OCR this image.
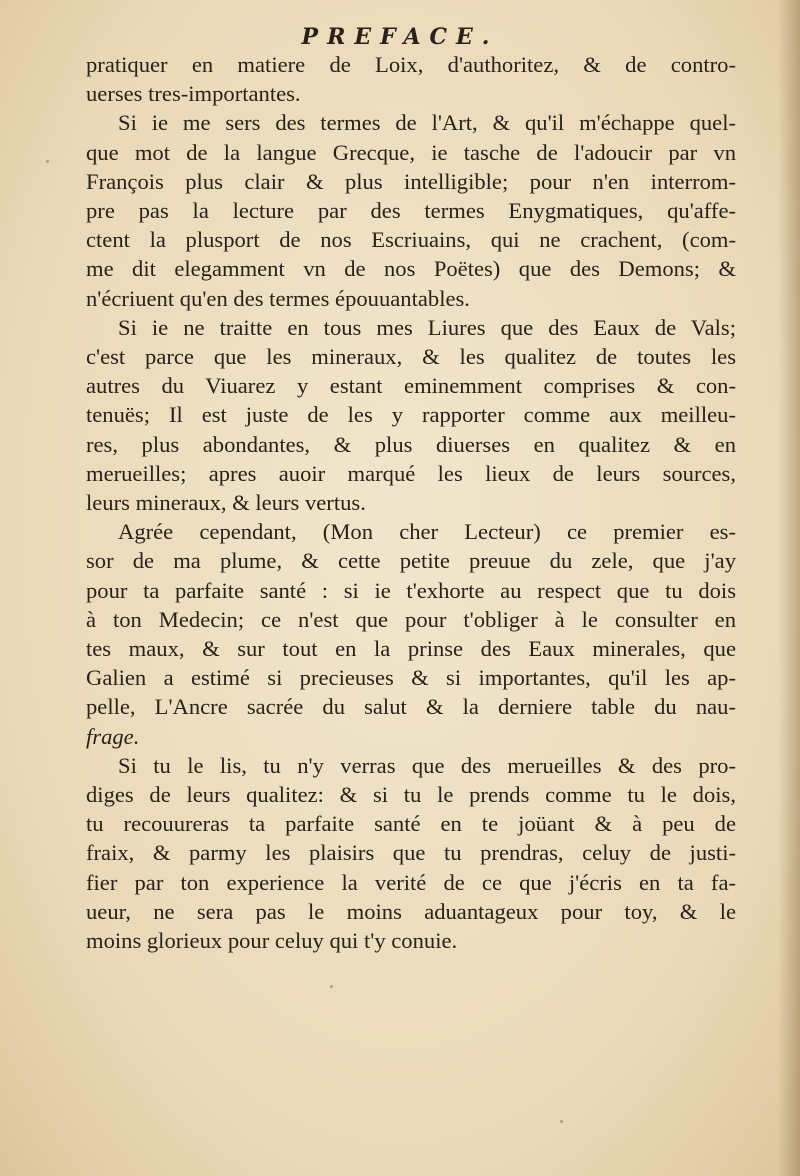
PREFACE.
pratiquer en matiere de Loix, d'authoritez, & de contro-
uerses tres-importantes.
Si ie me sers des termes de l'Art, & qu'il m'échappe quel-
que mot de la langue Grecque, ie tasche de l'adoucir par vn
François plus clair & plus intelligible; pour n'en interrom-
pre pas la lecture par des termes Enygmatiques, qu'affe-
ctent la plusport de nos Escriuains, qui ne crachent, (com-
me dit elegamment vn de nos Poëtes) que des Demons; &
n'écriuent qu'en des termes épouuantables.
Si ie ne traitte en tous mes Liures que des Eaux de Vals;
c'est parce que les mineraux, & les qualitez de toutes les
autres du Viuarez y estant eminemment comprises & con-
tenuës; Il est juste de les y rapporter comme aux meilleu-
res, plus abondantes, & plus diuerses en qualitez & en
merueilles; apres auoir marqué les lieux de leurs sources,
leurs mineraux, & leurs vertus.
Agrée cependant, (Mon cher Lecteur) ce premier es-
sor de ma plume, & cette petite preuue du zele, que j'ay
pour ta parfaite santé : si ie t'exhorte au respect que tu dois
à ton Medecin; ce n'est que pour t'obliger à le consulter en
tes maux, & sur tout en la prinse des Eaux minerales, que
Galien a estimé si precieuses & si importantes, qu'il les ap-
pelle, L'Ancre sacrée du salut & la derniere table du nau-
frage.
Si tu le lis, tu n'y verras que des merueilles & des pro-
diges de leurs qualitez: & si tu le prends comme tu le dois,
tu recouureras ta parfaite santé en te joüant & à peu de
fraix, & parmy les plaisirs que tu prendras, celuy de justi-
fier par ton experience la verité de ce que j'écris en ta fa-
ueur, ne sera pas le moins aduantageux pour toy, & le
moins glorieux pour celuy qui t'y conuie.
